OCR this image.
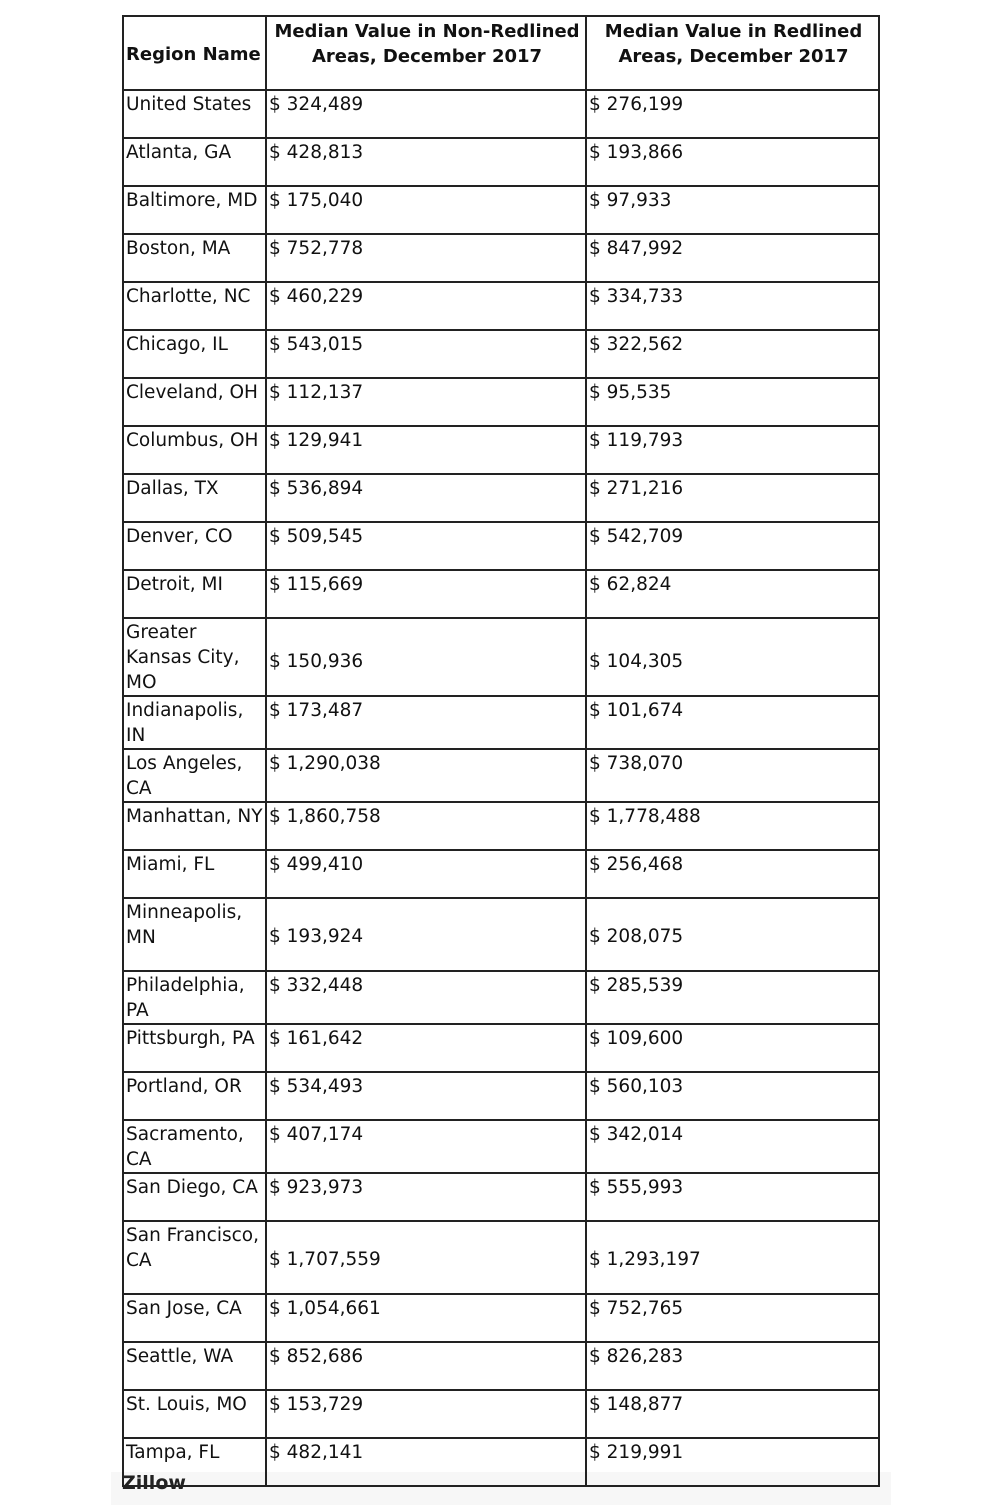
Region Name	Median Value in Non-Redlined Areas, December 2017	Median Value in Redlined Areas, December 2017
United States	$ 324,489	$ 276,199
Atlanta, GA	$ 428,813	$ 193,866
Baltimore, MD	$ 175,040	$ 97,933
Boston, MA	$ 752,778	$ 847,992
Charlotte, NC	$ 460,229	$ 334,733
Chicago, IL	$ 543,015	$ 322,562
Cleveland, OH	$ 112,137	$ 95,535
Columbus, OH	$ 129,941	$ 119,793
Dallas, TX	$ 536,894	$ 271,216
Denver, CO	$ 509,545	$ 542,709
Detroit, MI	$ 115,669	$ 62,824
Greater Kansas City, MO	$ 150,936	$ 104,305
Indianapolis, IN	$ 173,487	$ 101,674
Los Angeles, CA	$ 1,290,038	$ 738,070
Manhattan, NY	$ 1,860,758	$ 1,778,488
Miami, FL	$ 499,410	$ 256,468
Minneapolis, MN	$ 193,924	$ 208,075
Philadelphia, PA	$ 332,448	$ 285,539
Pittsburgh, PA	$ 161,642	$ 109,600
Portland, OR	$ 534,493	$ 560,103
Sacramento, CA	$ 407,174	$ 342,014
San Diego, CA	$ 923,973	$ 555,993
San Francisco, CA	$ 1,707,559	$ 1,293,197
San Jose, CA	$ 1,054,661	$ 752,765
Seattle, WA	$ 852,686	$ 826,283
St. Louis, MO	$ 153,729	$ 148,877
Tampa, FL	$ 482,141	$ 219,991
Zillow
